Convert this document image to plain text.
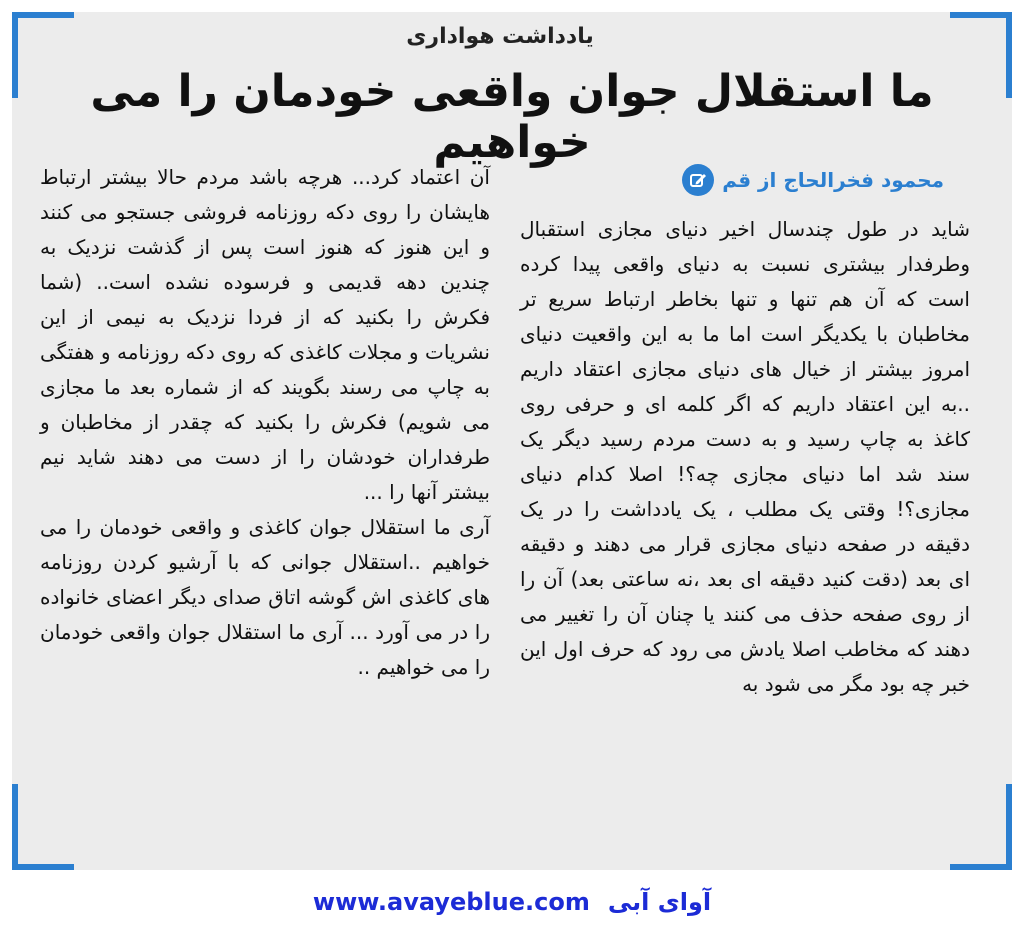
یادداشت هواداری
ما استقلال جوان واقعی خودمان را می خواهیم
محمود فخرالحاج از قم

شاید در طول چندسال اخیر دنیای مجازی استقبال وطرفدار بیشتری نسبت به دنیای واقعی پیدا کرده است که آن هم تنها و تنها بخاطر ارتباط سریع تر مخاطبان با یکدیگر است اما ما به این واقعیت دنیای امروز بیشتر از خیال های دنیای مجازی اعتقاد داریم ..به این اعتقاد داریم که اگر کلمه ای و حرفی روی کاغذ به چاپ رسید و به دست مردم رسید دیگر یک سند شد اما دنیای مجازی چه؟! اصلا کدام دنیای مجازی؟! وقتی یک مطلب ، یک یادداشت را در یک دقیقه در صفحه دنیای مجازی قرار می دهند و دقیقه ای بعد (دقت کنید دقیقه ای بعد ،نه ساعتی بعد) آن را از روی صفحه حذف می کنند یا چنان آن را تغییر می دهند که مخاطب اصلا یادش می رود که حرف اول این خبر چه بود مگر می شود به

آن اعتماد کرد... هرچه باشد مردم حالا بیشتر ارتباط هایشان را روی دکه روزنامه فروشی جستجو می کنند و این هنوز که هنوز است پس از گذشت نزدیک به چندین دهه قدیمی و فرسوده نشده است.. (شما فکرش را بکنید که از فردا نزدیک به نیمی از این نشریات و مجلات کاغذی که روی دکه روزنامه و هفتگی به چاپ می رسند بگویند که از شماره بعد ما مجازی می شویم) فکرش را بکنید که چقدر از مخاطبان و طرفداران خودشان را از دست می دهند شاید نیم بیشتر آنها را ...

آری ما استقلال جوان کاغذی و واقعی خودمان را می خواهیم ..استقلال جوانی که با آرشیو کردن روزنامه های کاغذی اش گوشه اتاق صدای دیگر اعضای خانواده را در می آورد ... آری ما استقلال جوان واقعی خودمان را می خواهیم ..

www.avayeblue.com آوای آبی
